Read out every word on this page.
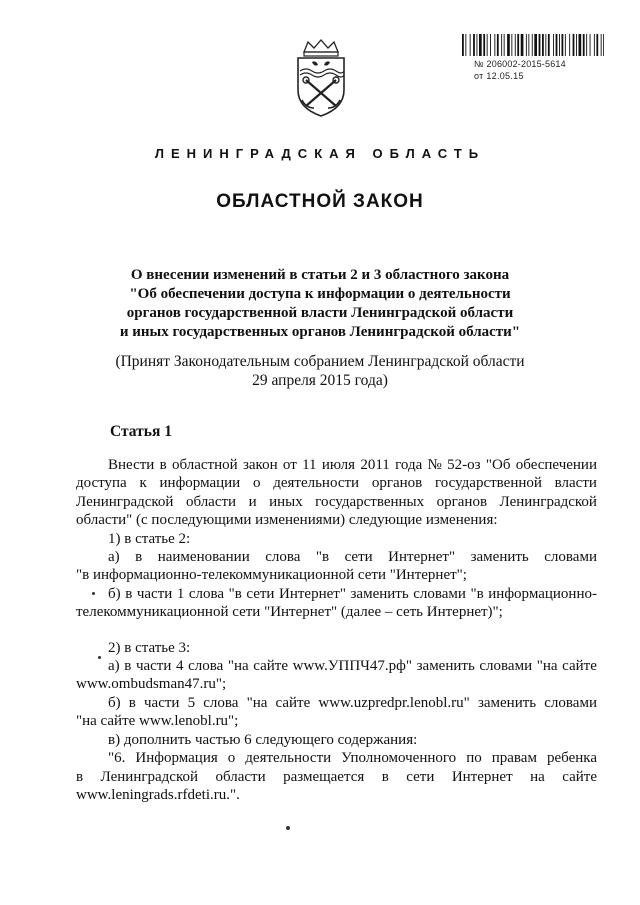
№ 206002-2015-5614
от 12.05.15
ЛЕНИНГРАДСКАЯ ОБЛАСТЬ
ОБЛАСТНОЙ ЗАКОН
О внесении изменений в статьи 2 и 3 областного закона
"Об обеспечении доступа к информации о деятельности
органов государственной власти Ленинградской области
и иных государственных органов Ленинградской области"
(Принят Законодательным собранием Ленинградской области
29 апреля 2015 года)
Статья 1
Внести в областной закон от 11 июля 2011 года № 52-оз "Об обеспечении
доступа к информации о деятельности органов государственной власти
Ленинградской области и иных государственных органов Ленинградской
области" (с последующими изменениями) следующие изменения:
1) в статье 2:
а) в наименовании слова "в сети Интернет" заменить словами
"в информационно-телекоммуникационной сети "Интернет";
б) в части 1 слова "в сети Интернет" заменить словами "в информационно-
телекоммуникационной сети "Интернет" (далее – сеть Интернет)";
2) в статье 3:
а) в части 4 слова "на сайте www.УППЧ47.рф" заменить словами "на сайте
www.ombudsman47.ru";
б) в части 5 слова "на сайте www.uzpredpr.lenobl.ru" заменить словами
"на сайте www.lenobl.ru";
в) дополнить частью 6 следующего содержания:
"6. Информация о деятельности Уполномоченного по правам ребенка
в Ленинградской области размещается в сети Интернет на сайте
www.leningrads.rfdeti.ru.".
